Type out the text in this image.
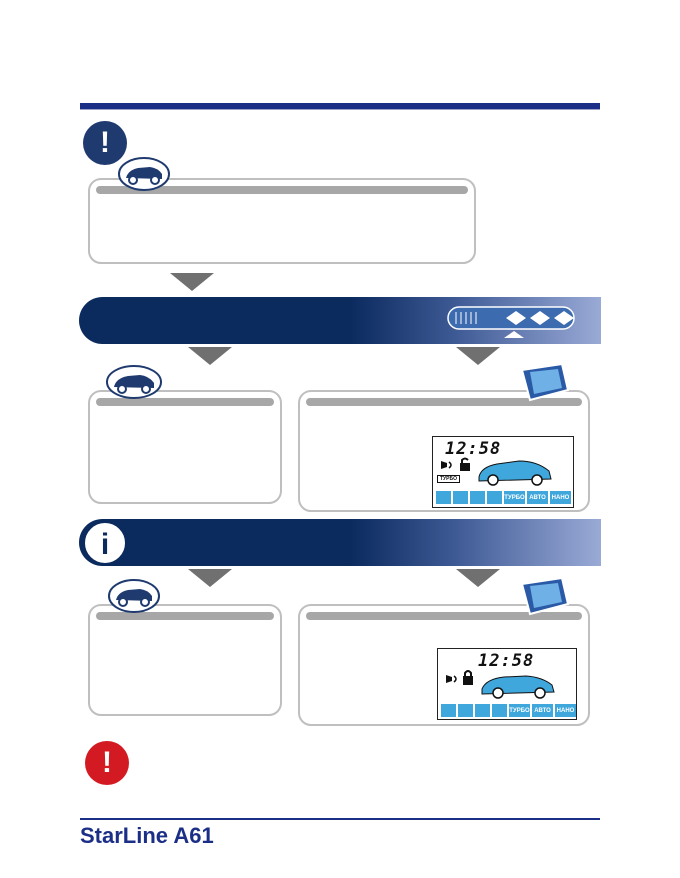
!
12:58
ТУРБО
ТУРБО АВТО НАНО
i
12:58
ТУРБО АВТО НАНО
!
StarLine A61
